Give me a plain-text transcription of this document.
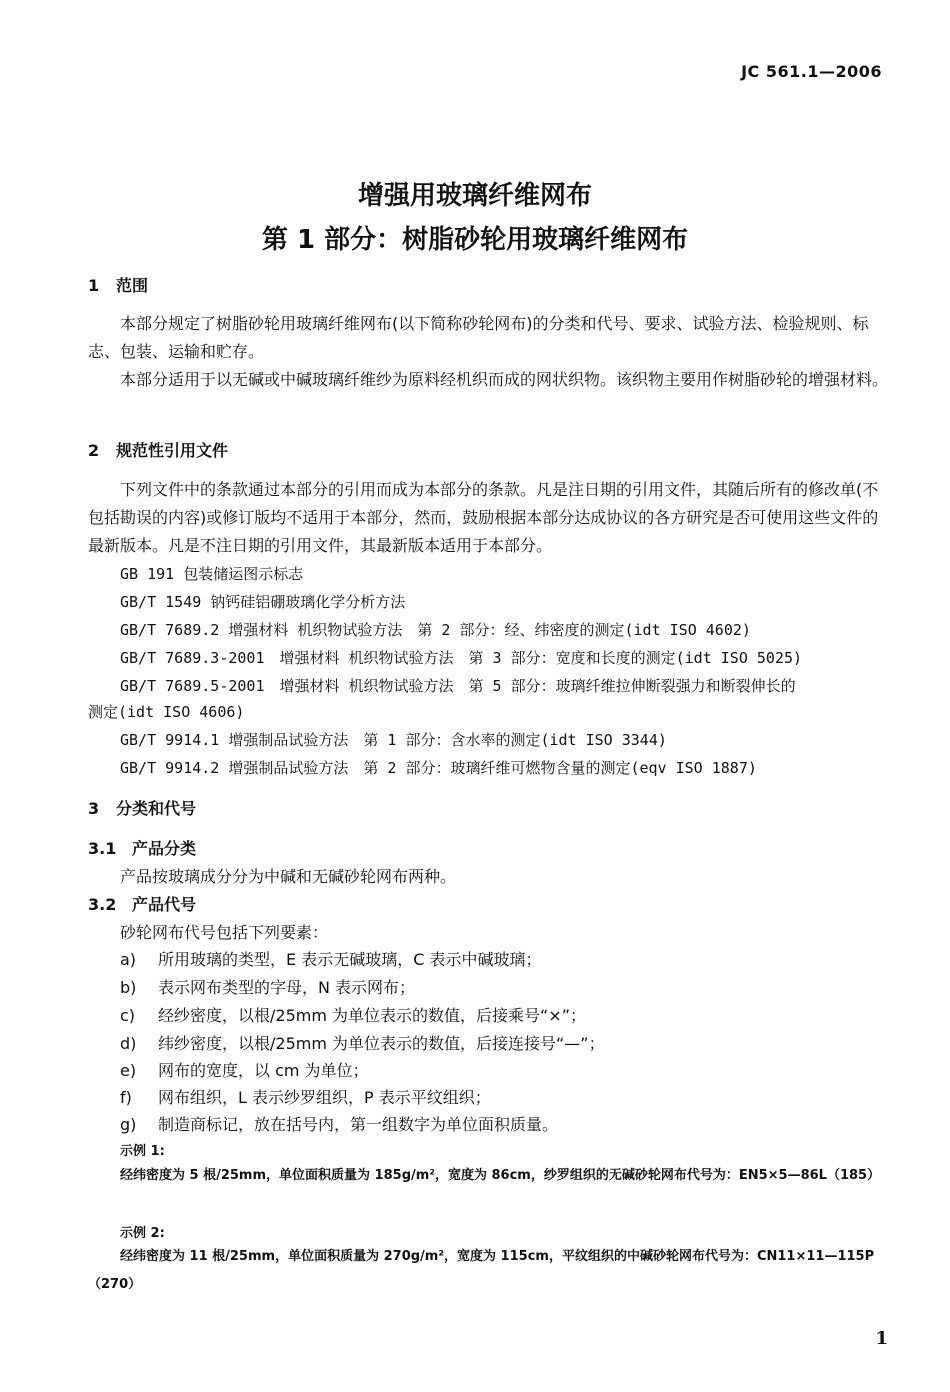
JC 561.1—2006
增强用玻璃纤维网布
第 1 部分：树脂砂轮用玻璃纤维网布
1 范围

本部分规定了树脂砂轮用玻璃纤维网布(以下简称砂轮网布)的分类和代号、要求、试验方法、检验规则、标志、包装、运输和贮存。

本部分适用于以无碱或中碱玻璃纤维纱为原料经机织而成的网状织物。该织物主要用作树脂砂轮的增强材料。

2 规范性引用文件

下列文件中的条款通过本部分的引用而成为本部分的条款。凡是注日期的引用文件，其随后所有的修改单(不包括勘误的内容)或修订版均不适用于本部分，然而，鼓励根据本部分达成协议的各方研究是否可使用这些文件的最新版本。凡是不注日期的引用文件，其最新版本适用于本部分。

GB 191 包装储运图示标志
GB/T 1549 钠钙硅铝硼玻璃化学分析方法
GB/T 7689.2 增强材料 机织物试验方法　第 2 部分：经、纬密度的测定(idt ISO 4602)
GB/T 7689.3-2001　增强材料 机织物试验方法　第 3 部分：宽度和长度的测定(idt ISO 5025)
GB/T 7689.5-2001　增强材料 机织物试验方法　第 5 部分：玻璃纤维拉伸断裂强力和断裂伸长的
测定(idt ISO 4606)
GB/T 9914.1 增强制品试验方法　第 1 部分：含水率的测定(idt ISO 3344)
GB/T 9914.2 增强制品试验方法　第 2 部分：玻璃纤维可燃物含量的测定(eqv ISO 1887)
3 分类和代号
3.1 产品分类
产品按玻璃成分分为中碱和无碱砂轮网布两种。
3.2 产品代号
砂轮网布代号包括下列要素：
a) 所用玻璃的类型，E 表示无碱玻璃，C 表示中碱玻璃；
b) 表示网布类型的字母，N 表示网布；
c) 经纱密度，以根/25mm 为单位表示的数值，后接乘号“×”；
d) 纬纱密度，以根/25mm 为单位表示的数值，后接连接号“—”；
e) 网布的宽度，以 cm 为单位；
f) 网布组织，L 表示纱罗组织，P 表示平纹组织；
g) 制造商标记，放在括号内，第一组数字为单位面积质量。
示例 1:

经纬密度为 5 根/25mm，单位面积质量为 185g/m²，宽度为 86cm，纱罗组织的无碱砂轮网布代号为：EN5×5—86L（185）

示例 2:

经纬密度为 11 根/25mm，单位面积质量为 270g/m²，宽度为 115cm，平纹组织的中碱砂轮网布代号为：CN11×11—115P（270）

1
